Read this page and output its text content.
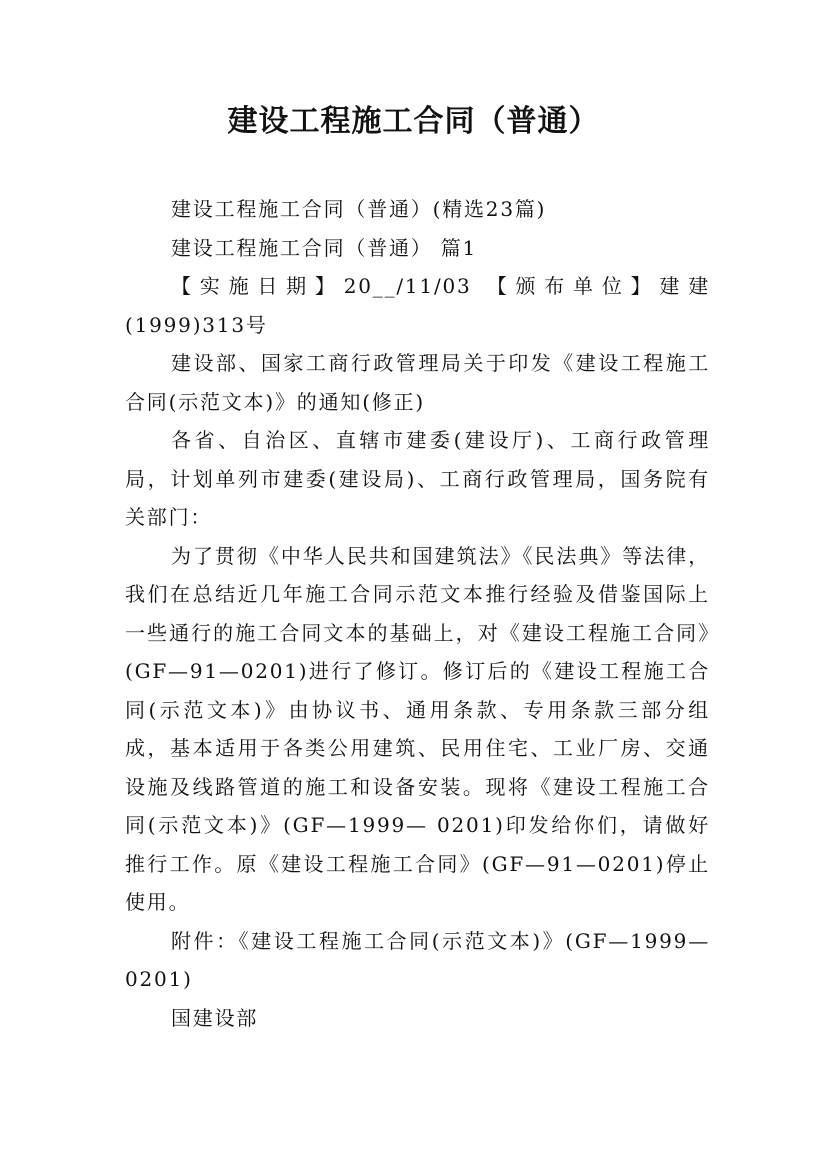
建设工程施工合同（普通）

建设工程施工合同（普通）(精选23篇)

建设工程施工合同（普通） 篇1

【实施日期】20__/11/03 【颁布单位】建建(1999)313号

建设部、国家工商行政管理局关于印发《建设工程施工合同(示范文本)》的通知(修正)

各省、自治区、直辖市建委(建设厅)、工商行政管理局，计划单列市建委(建设局)、工商行政管理局，国务院有关部门：

为了贯彻《中华人民共和国建筑法》《民法典》等法律，我们在总结近几年施工合同示范文本推行经验及借鉴国际上一些通行的施工合同文本的基础上，对《建设工程施工合同》(GF—91—0201)进行了修订。修订后的《建设工程施工合同(示范文本)》由协议书、通用条款、专用条款三部分组成，基本适用于各类公用建筑、民用住宅、工业厂房、交通设施及线路管道的施工和设备安装。现将《建设工程施工合同(示范文本)》(GF—1999— 0201)印发给你们，请做好推行工作。原《建设工程施工合同》(GF—91—0201)停止使用。

附件：《建设工程施工合同(示范文本)》(GF—1999—0201)

国建设部
